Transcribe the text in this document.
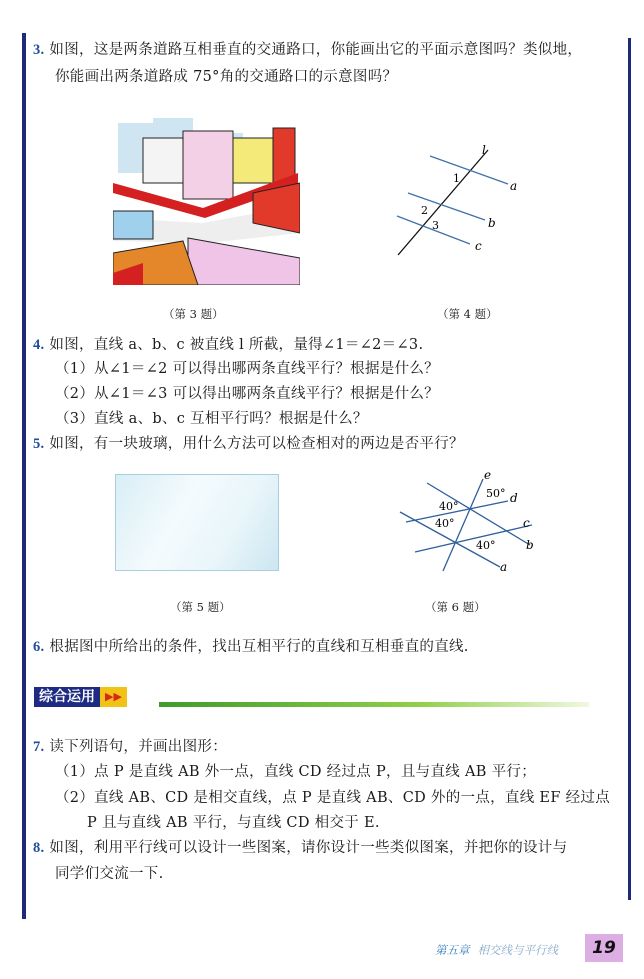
3. 如图，这是两条道路互相垂直的交通路口，你能画出它的平面示意图吗？类似地，
你能画出两条道路成 75°角的交通路口的示意图吗？
l
a
b
c
1
2
3
（第 3 题）	（第 4 题）
4. 如图，直线 a、b、c 被直线 l 所截，量得∠1＝∠2＝∠3.
（1）从∠1＝∠2 可以得出哪两条直线平行？根据是什么？
（2）从∠1＝∠3 可以得出哪两条直线平行？根据是什么？
（3）直线 a、b、c 互相平行吗？根据是什么？
5. 如图，有一块玻璃，用什么方法可以检查相对的两边是否平行？
（第 5 题）
e
d
c
b
a
50°
40°
40°
40°
（第 6 题）
6. 根据图中所给出的条件，找出互相平行的直线和互相垂直的直线.
综合运用 ▶▶
7. 读下列语句，并画出图形：
（1）点 P 是直线 AB 外一点，直线 CD 经过点 P，且与直线 AB 平行；
（2）直线 AB、CD 是相交直线，点 P 是直线 AB、CD 外的一点，直线 EF 经过点
P 且与直线 AB 平行，与直线 CD 相交于 E.
8. 如图，利用平行线可以设计一些图案，请你设计一些类似图案，并把你的设计与
同学们交流一下.
第五章 相交线与平行线	19
